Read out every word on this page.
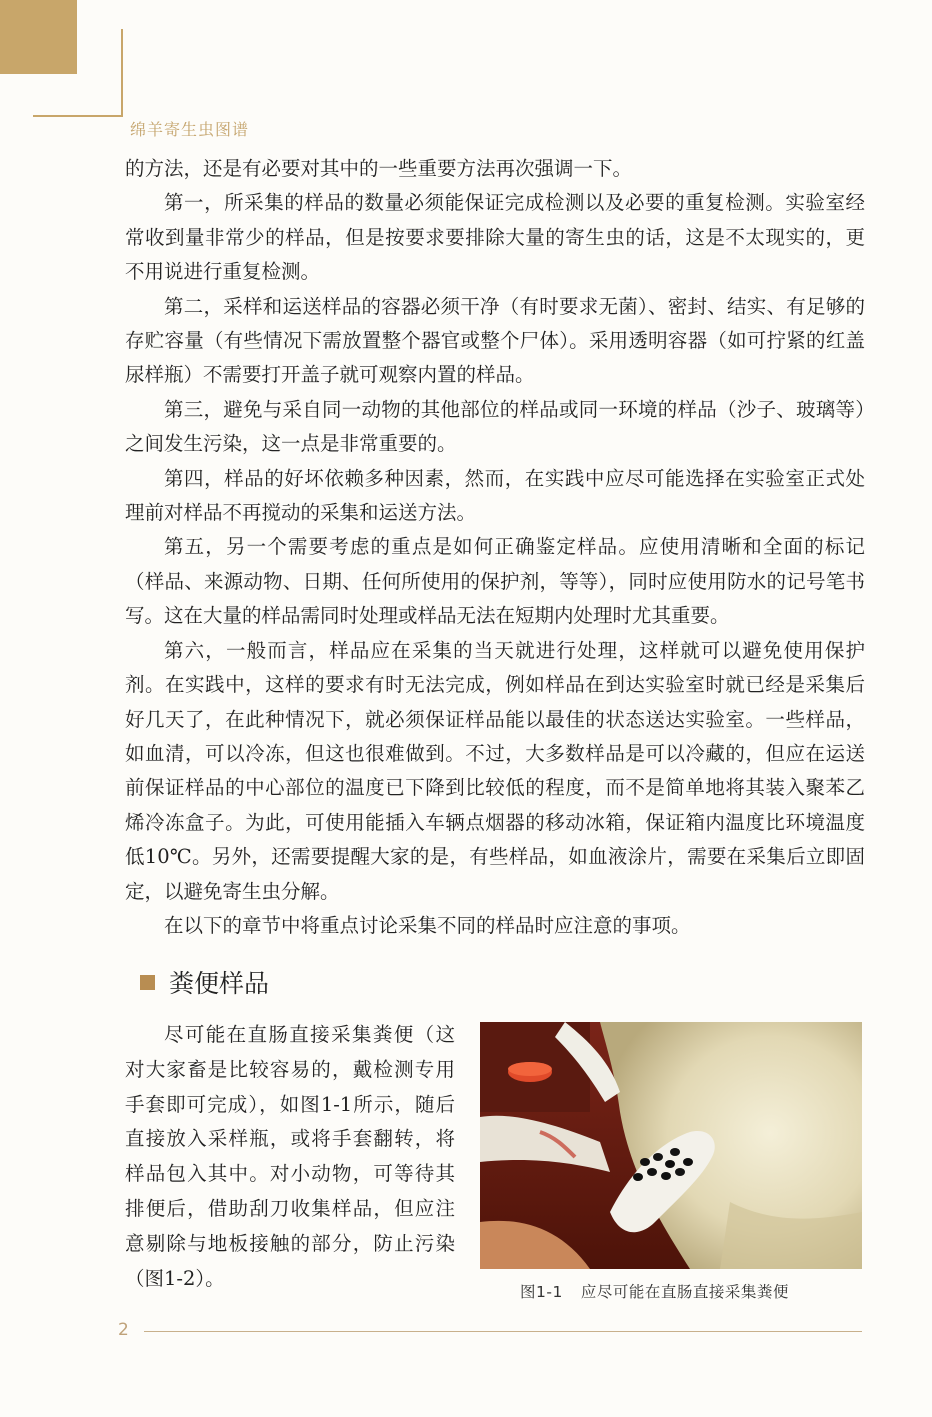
绵羊寄生虫图谱

的方法，还是有必要对其中的一些重要方法再次强调一下。

第一，所采集的样品的数量必须能保证完成检测以及必要的重复检测。实验室经常收到量非常少的样品，但是按要求要排除大量的寄生虫的话，这是不太现实的，更不用说进行重复检测。

第二，采样和运送样品的容器必须干净（有时要求无菌）、密封、结实、有足够的存贮容量（有些情况下需放置整个器官或整个尸体）。采用透明容器（如可拧紧的红盖尿样瓶）不需要打开盖子就可观察内置的样品。

第三，避免与采自同一动物的其他部位的样品或同一环境的样品（沙子、玻璃等）之间发生污染，这一点是非常重要的。

第四，样品的好坏依赖多种因素，然而，在实践中应尽可能选择在实验室正式处理前对样品不再搅动的采集和运送方法。

第五，另一个需要考虑的重点是如何正确鉴定样品。应使用清晰和全面的标记（样品、来源动物、日期、任何所使用的保护剂，等等），同时应使用防水的记号笔书写。这在大量的样品需同时处理或样品无法在短期内处理时尤其重要。

第六，一般而言，样品应在采集的当天就进行处理，这样就可以避免使用保护剂。在实践中，这样的要求有时无法完成，例如样品在到达实验室时就已经是采集后好几天了，在此种情况下，就必须保证样品能以最佳的状态送达实验室。一些样品，如血清，可以冷冻，但这也很难做到。不过，大多数样品是可以冷藏的，但应在运送前保证样品的中心部位的温度已下降到比较低的程度，而不是简单地将其装入聚苯乙烯冷冻盒子。为此，可使用能插入车辆点烟器的移动冰箱，保证箱内温度比环境温度低10℃。另外，还需要提醒大家的是，有些样品，如血液涂片，需要在采集后立即固定，以避免寄生虫分解。

在以下的章节中将重点讨论采集不同的样品时应注意的事项。

粪便样品

尽可能在直肠直接采集粪便（这对大家畜是比较容易的，戴检测专用手套即可完成），如图1-1所示，随后直接放入采样瓶，或将手套翻转，将样品包入其中。对小动物，可等待其排便后，借助刮刀收集样品，但应注意剔除与地板接触的部分，防止污染（图1-2）。

图1-1 应尽可能在直肠直接采集粪便
2
